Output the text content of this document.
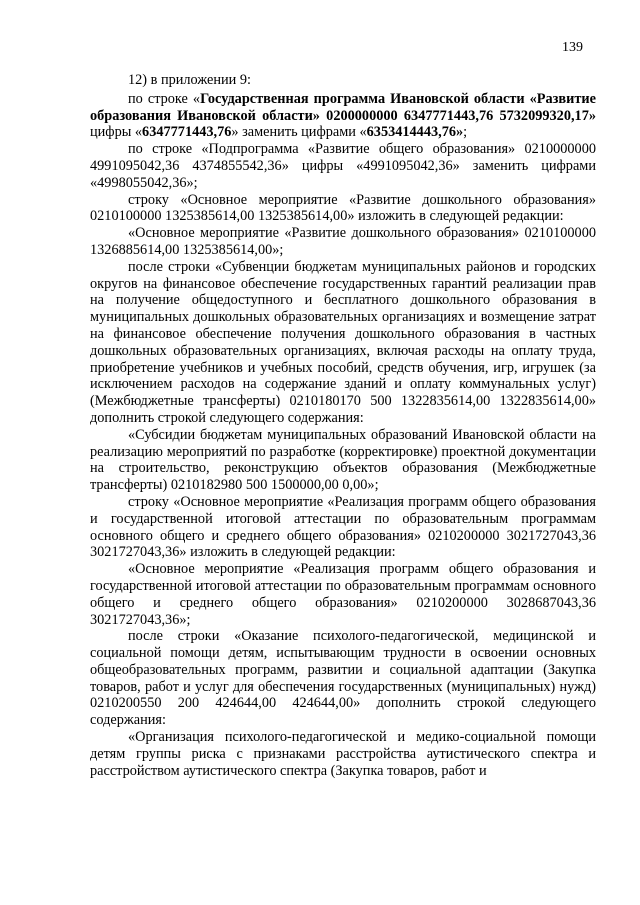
139

12) в приложении 9:

по строке «Государственная программа Ивановской области «Развитие образования Ивановской области» 0200000000 6347771443,76 5732099320,17» цифры «6347771443,76» заменить цифрами «6353414443,76»;

по строке «Подпрограмма «Развитие общего образования» 0210000000 4991095042,36 4374855542,36» цифры «4991095042,36» заменить цифрами «4998055042,36»;

строку «Основное мероприятие «Развитие дошкольного образования» 0210100000 1325385614,00 1325385614,00» изложить в следующей редакции:

«Основное мероприятие «Развитие дошкольного образования» 0210100000 1326885614,00 1325385614,00»;

после строки «Субвенции бюджетам муниципальных районов и городских округов на финансовое обеспечение государственных гарантий реализации прав на получение общедоступного и бесплатного дошкольного образования в муниципальных дошкольных образовательных организациях и возмещение затрат на финансовое обеспечение получения дошкольного образования в частных дошкольных образовательных организациях, включая расходы на оплату труда, приобретение учебников и учебных пособий, средств обучения, игр, игрушек (за исключением расходов на содержание зданий и оплату коммунальных услуг) (Межбюджетные трансферты) 0210180170 500 1322835614,00 1322835614,00» дополнить строкой следующего содержания:

«Субсидии бюджетам муниципальных образований Ивановской области на реализацию мероприятий по разработке (корректировке) проектной документации на строительство, реконструкцию объектов образования (Межбюджетные трансферты) 0210182980 500 1500000,00 0,00»;

строку «Основное мероприятие «Реализация программ общего образования и государственной итоговой аттестации по образовательным программам основного общего и среднего общего образования» 0210200000 3021727043,36 3021727043,36» изложить в следующей редакции:

«Основное мероприятие «Реализация программ общего образования и государственной итоговой аттестации по образовательным программам основного общего и среднего общего образования» 0210200000 3028687043,36 3021727043,36»;

после строки «Оказание психолого-педагогической, медицинской и социальной помощи детям, испытывающим трудности в освоении основных общеобразовательных программ, развитии и социальной адаптации (Закупка товаров, работ и услуг для обеспечения государственных (муниципальных) нужд) 0210200550 200 424644,00 424644,00» дополнить строкой следующего содержания:

«Организация психолого-педагогической и медико-социальной помощи детям группы риска с признаками расстройства аутистического спектра и расстройством аутистического спектра (Закупка товаров, работ и
